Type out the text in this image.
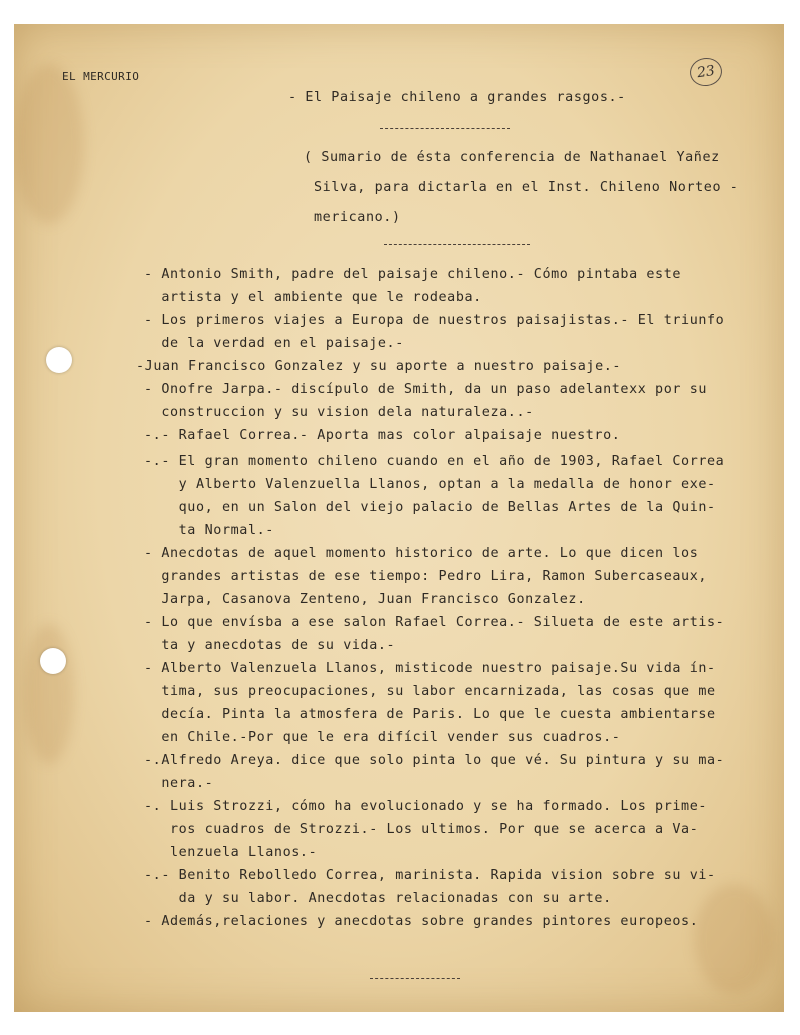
EL MERCURIO	23
- El Paisaje chileno a grandes rasgos.-
( Sumario de ésta conferencia de Nathanael Yañez
Silva, para dictarla en el Inst. Chileno Norteo -
mericano.)
- Antonio Smith, padre del paisaje chileno.- Cómo pintaba este
artista y el ambiente que le rodeaba.
- Los primeros viajes a Europa de nuestros paisajistas.- El triunfo
de la verdad en el paisaje.-
-Juan Francisco Gonzalez y su aporte a nuestro paisaje.-
- Onofre Jarpa.- discípulo de Smith, da un paso adelantexx por su
construccion y su vision dela naturaleza..-
-.- Rafael Correa.- Aporta mas color alpaisaje nuestro.
-.- El gran momento chileno cuando en el año de 1903, Rafael Correa
y Alberto Valenzuella Llanos, optan a la medalla de honor exe-
quo, en un Salon del viejo palacio de Bellas Artes de la Quin-
ta Normal.-
- Anecdotas de aquel momento historico de arte. Lo que dicen los
grandes artistas de ese tiempo: Pedro Lira, Ramon Subercaseaux,
Jarpa, Casanova Zenteno, Juan Francisco Gonzalez.
- Lo que envísba a ese salon Rafael Correa.- Silueta de este artis-
ta y anecdotas de su vida.-
- Alberto Valenzuela Llanos, misticode nuestro paisaje.Su vida ín-
tima, sus preocupaciones, su labor encarnizada, las cosas que me
decía. Pinta la atmosfera de Paris. Lo que le cuesta ambientarse
en Chile.-Por que le era difícil vender sus cuadros.-
-.Alfredo Areya. dice que solo pinta lo que vé. Su pintura y su ma-
nera.-
-. Luis Strozzi, cómo ha evolucionado y se ha formado. Los prime-
ros cuadros de Strozzi.- Los ultimos. Por que se acerca a Va-
lenzuela Llanos.-
-.- Benito Rebolledo Correa, marinista. Rapida vision sobre su vi-
da y su labor. Anecdotas relacionadas con su arte.
- Además,relaciones y anecdotas sobre grandes pintores europeos.
